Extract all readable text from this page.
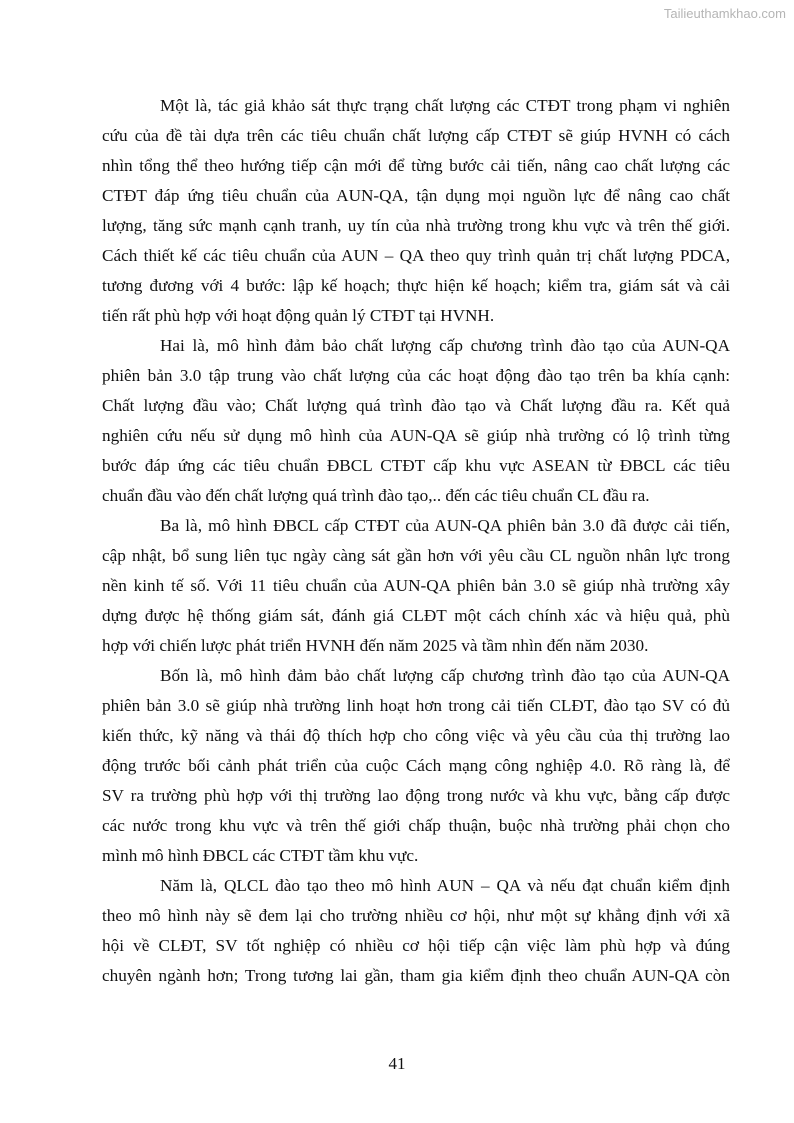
Tailieuthamkhao.com
Một là, tác giả khảo sát thực trạng chất lượng các CTĐT trong phạm vi nghiên
cứu của đề tài dựa trên các tiêu chuẩn chất lượng cấp CTĐT sẽ giúp HVNH có cách
nhìn tổng thể theo hướng tiếp cận mới để từng bước cải tiến, nâng cao chất lượng các
CTĐT đáp ứng tiêu chuẩn của AUN-QA, tận dụng mọi nguồn lực để nâng cao chất
lượng, tăng sức mạnh cạnh tranh, uy tín của nhà trường trong khu vực và trên thế giới.
Cách thiết kế các tiêu chuẩn của AUN – QA theo quy trình quản trị chất lượng PDCA,
tương đương với 4 bước: lập kế hoạch; thực hiện kế hoạch; kiểm tra, giám sát và cải
tiến rất phù hợp với hoạt động quản lý CTĐT tại HVNH.
Hai là, mô hình đảm bảo chất lượng cấp chương trình đào tạo của AUN-QA
phiên bản 3.0 tập trung vào chất lượng của các hoạt động đào tạo trên ba khía cạnh:
Chất lượng đầu vào; Chất lượng quá trình đào tạo và Chất lượng đầu ra. Kết quả
nghiên cứu nếu sử dụng mô hình của AUN-QA sẽ giúp nhà trường có lộ trình từng
bước đáp ứng các tiêu chuẩn ĐBCL CTĐT cấp khu vực ASEAN từ ĐBCL các tiêu
chuẩn đầu vào đến chất lượng quá trình đào tạo,.. đến các tiêu chuẩn CL đầu ra.
Ba là, mô hình ĐBCL cấp CTĐT của AUN-QA phiên bản 3.0 đã được cải tiến,
cập nhật, bổ sung liên tục ngày càng sát gần hơn với yêu cầu CL nguồn nhân lực trong
nền kinh tế số. Với 11 tiêu chuẩn của AUN-QA phiên bản 3.0 sẽ giúp nhà trường xây
dựng được hệ thống giám sát, đánh giá CLĐT một cách chính xác và hiệu quả, phù
hợp với chiến lược phát triển HVNH đến năm 2025 và tầm nhìn đến năm 2030.
Bốn là, mô hình đảm bảo chất lượng cấp chương trình đào tạo của AUN-QA
phiên bản 3.0 sẽ giúp nhà trường linh hoạt hơn trong cải tiến CLĐT, đào tạo SV có đủ
kiến thức, kỹ năng và thái độ thích hợp cho công việc và yêu cầu của thị trường lao
động trước bối cảnh phát triển của cuộc Cách mạng công nghiệp 4.0. Rõ ràng là, để
SV ra trường phù hợp với thị trường lao động trong nước và khu vực, bằng cấp được
các nước trong khu vực và trên thế giới chấp thuận, buộc nhà trường phải chọn cho
mình mô hình ĐBCL các CTĐT tầm khu vực.
Năm là, QLCL đào tạo theo mô hình AUN – QA và nếu đạt chuẩn kiểm định
theo mô hình này sẽ đem lại cho trường nhiều cơ hội, như một sự khẳng định với xã
hội về CLĐT, SV tốt nghiệp có nhiều cơ hội tiếp cận việc làm phù hợp và đúng
chuyên ngành hơn; Trong tương lai gần, tham gia kiểm định theo chuẩn AUN-QA còn
41
